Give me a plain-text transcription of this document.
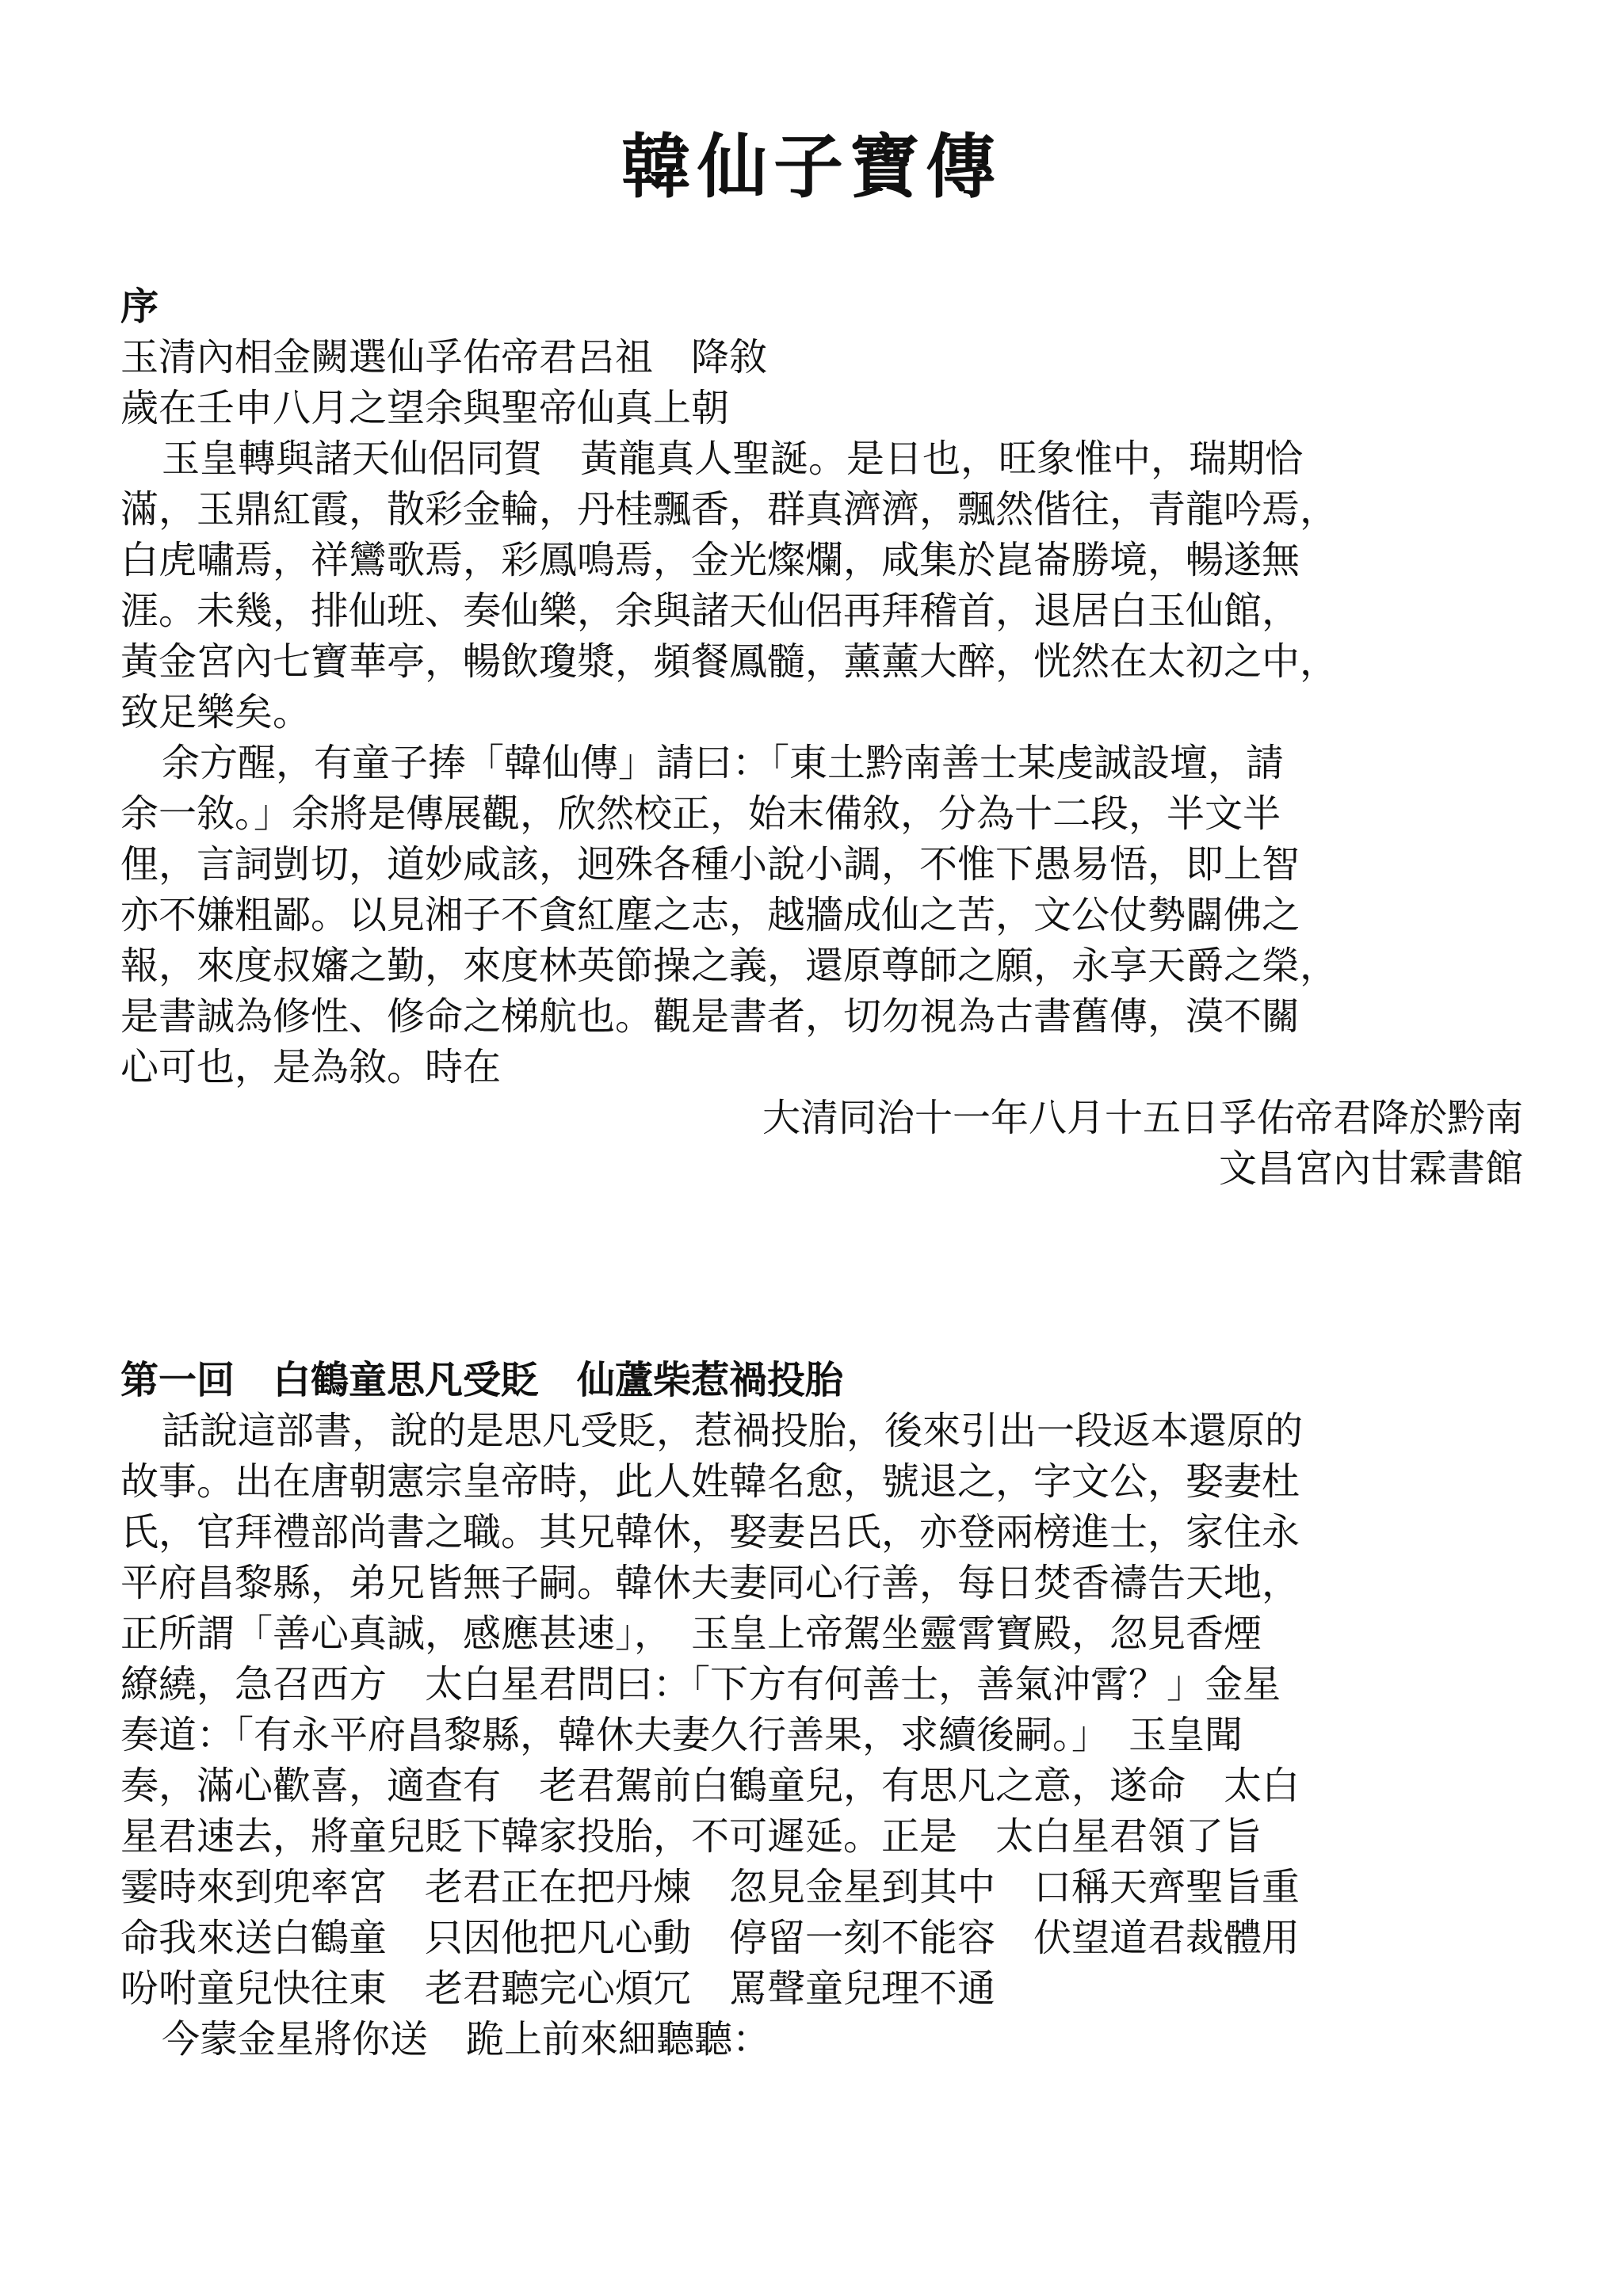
韓仙子寶傳

序

玉清內相金闕選仙孚佑帝君呂祖　降敘

歲在壬申八月之望余與聖帝仙真上朝

玉皇轉與諸天仙侶同賀　黃龍真人聖誕。是日也，旺象惟中，瑞期恰

滿，玉鼎紅霞，散彩金輪，丹桂飄香，群真濟濟，飄然偕往，青龍吟焉，

白虎嘯焉，祥鸞歌焉，彩鳳鳴焉，金光燦爛，咸集於崑崙勝境，暢遂無

涯。未幾，排仙班、奏仙樂，余與諸天仙侶再拜稽首，退居白玉仙館，

黃金宮內七寶華亭，暢飲瓊漿，頻餐鳳髓，薰薰大醉，恍然在太初之中，

致足樂矣。

余方醒，有童子捧「韓仙傳」請曰：「東土黔南善士某虔誠設壇，請

余一敘。」余將是傳展觀，欣然校正，始末備敘，分為十二段，半文半

俚，言詞剴切，道妙咸該，迥殊各種小說小調，不惟下愚易悟，即上智

亦不嫌粗鄙。以見湘子不貪紅塵之志，越牆成仙之苦，文公仗勢闢佛之

報，來度叔嬸之勤，來度林英節操之義，還原尊師之願，永享天爵之榮，

是書誠為修性、修命之梯航也。觀是書者，切勿視為古書舊傳，漠不關

心可也，是為敘。時在

大清同治十一年八月十五日孚佑帝君降於黔南

文昌宮內甘霖書館

第一回　白鶴童思凡受貶　仙蘆柴惹禍投胎

話說這部書，說的是思凡受貶，惹禍投胎，後來引出一段返本還原的

故事。出在唐朝憲宗皇帝時，此人姓韓名愈，號退之，字文公，娶妻杜

氏，官拜禮部尚書之職。其兄韓休，娶妻呂氏，亦登兩榜進士，家住永

平府昌黎縣，弟兄皆無子嗣。韓休夫妻同心行善，每日焚香禱告天地，

正所謂「善心真誠，感應甚速」，　玉皇上帝駕坐靈霄寶殿，忽見香煙

繚繞，急召西方　太白星君問曰：「下方有何善士，善氣沖霄？」金星

奏道：「有永平府昌黎縣，韓休夫妻久行善果，求續後嗣。」　玉皇聞

奏，滿心歡喜，適查有　老君駕前白鶴童兒，有思凡之意，遂命　太白

星君速去，將童兒貶下韓家投胎，不可遲延。正是　太白星君領了旨

霎時來到兜率宮　老君正在把丹煉　忽見金星到其中　口稱天齊聖旨重

命我來送白鶴童　只因他把凡心動　停留一刻不能容　伏望道君裁體用

吩咐童兒快往東　老君聽完心煩冗　罵聲童兒理不通

今蒙金星將你送　跪上前來細聽聽：
